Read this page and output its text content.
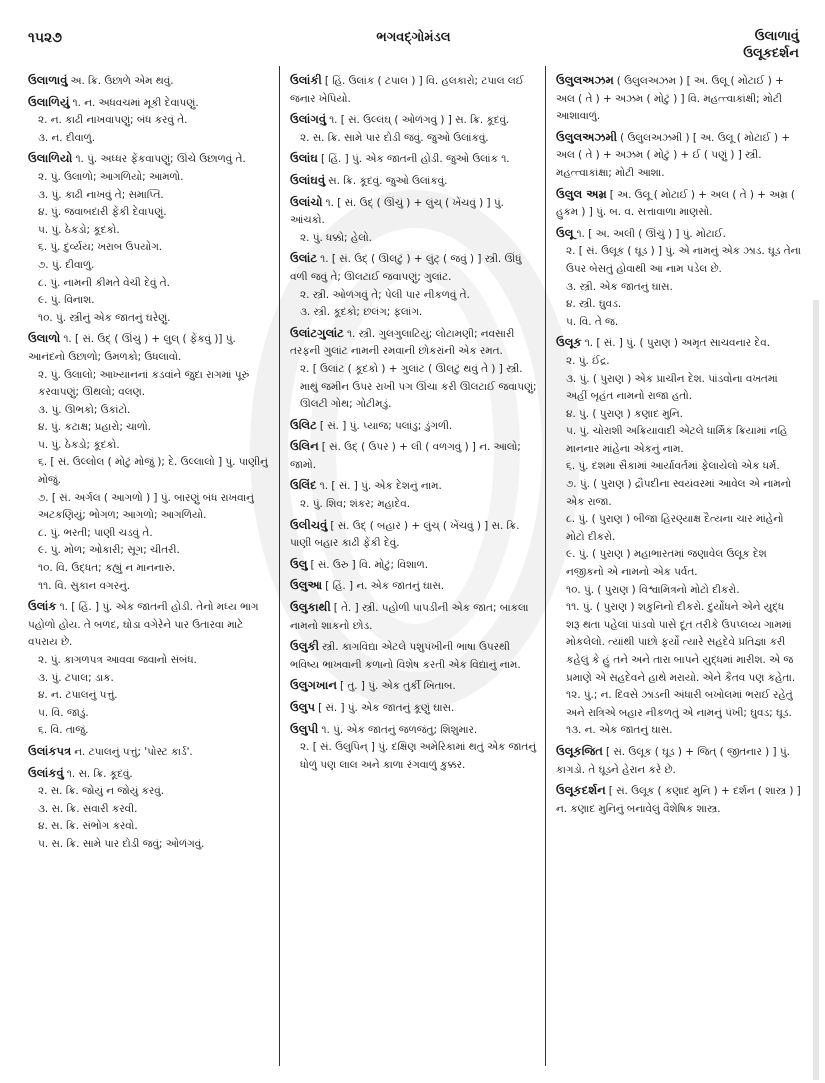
૧૫૨૭	ભગવદ્ગોમંડલ	ઉલાળાવું
ઉલૂકદર્શન
ઉલાળાવું અ. ક્રિ. ઉછાળે એમ થવું.
ઉલાળિયું ૧. ન. અધવચમાં મૂકી દેવાપણું.
૨. ન. કાઢી નાખવાપણું; બંધ કરવું તે.
૩. ન. દીવાળું.
ઉલાળિયો ૧. પું. અધ્ધર ફેંકવાપણું; ઊંચે ઉછાળવું તે.
૨. પું. ઉલાળો; આગળિયો; આમળો.
૩. પું. કાઢી નાખવું તે; સમાપ્તિ.
૪. પું. જવાબદારી ફેંકી દેવાપણું.
૫. પું. ઠેકડો; કૂદકો.
૬. પું. દુર્વ્યય; ખરાબ ઉપયોગ.
૭. પું. દીવાળું.
૮. પું. નામની કીમતે વેચી દેવું તે.
૯. પું. વિનાશ.
૧૦. પું. સ્ત્રીનું એક જાતનું ઘરેણું.
ઉલાળો ૧. [ સં. ઉદ્ ( ઊંચું ) + લુલ્ ( ફેંકવું )] પું. આનંદનો ઉછાળો; ઉમળકો; ઉધલાવો.
૨. પું. ઉલાલો; આખ્યાનનાં કડવાંને જુદા રાગમાં પૂરું કરવાપણું; ઊથલો; વલણ.
૩. પું. ઊભકો; ઉકાંટો.
૪. પું. કટાક્ષ; પ્રહારો; ચાળો.
૫. પું. ઠેકડો; કૂદકો.
૬. [ સં. ઉલ્લોલ ( મોટું મોજું ); દે. ઉલ્લાલો ] પું. પાણીનું મોજું.
૭. [ સં. અર્ગલ ( આગળો ) ] પું. બારણું બંધ રાખવાનું અટકણિયું; ભોગળ; આગળો; આગળિયો.
૮. પું. ભરતી; પાણી ચડવું તે.
૯. પું. મોળ; ઓકારી; સૂગ; ચીતરી.
૧૦. વિ. ઉદ્ધત; કહ્યું ન માનનારું.
૧૧. વિ. સુકાન વગરનું.
ઉલાંક ૧. [ હિં. ] પું. એક જાતની હોડી. તેનો મધ્ય ભાગ પહોળો હોય. તે બળદ, ઘોડા વગેરેને પાર ઉતારવા માટે વપરાય છે.
૨. પું. કાગળપત્ર આવવા જવાનો સંબંધ.
૩. પું. ટપાલ; ડાક.
૪. ન. ટપાલનું પત્તું.
૫. વિ. જાડું.
૬. વિ. તાજું.
ઉલાંકપત્ર ન. ટપાલનું પત્તું; 'પોસ્ટ કાર્ડ'.
ઉલાંકવું ૧. સ. ક્રિ. કૂદવું.
૨. સ. ક્રિ. જોયું ન જોયું કરવું.
૩. સ. ક્રિ. સવારી કરવી.
૪. સ. ક્રિ. સંભોગ કરવો.
૫. સ. ક્રિ. સામે પાર દોડી જવું; ઓળંગવું.
ઉલાંકી [ હિં. ઉલાંક ( ટપાલ ) ] વિ. હલકારો; ટપાલ લઈ જનાર ખેપિયો.
ઉલાંગવું ૧. [ સં. ઉલ્લંઘ્ ( ઓળંગવું ) ] સ. ક્રિ. કૂદવું.
૨. સ. ક્રિ. સામે પાર દોડી જવું. જુઓ ઉલાંકવું.
ઉલાંઘ [ હિં. ] પું. એક જાતની હોડી. જુઓ ઉલાંક ૧.
ઉલાંઘવું સ. ક્રિ. કૂદવું. જુઓ ઉલાંકવું.
ઉલાંચો ૧. [ સં. ઉદ્ ( ઊંચું ) + લુંચ્ ( ખેંચવું ) ] પું. આંચકો.
૨. પું. ધક્કો; હેલો.
ઉલાંટ ૧. [ સં. ઉદ્ ( ઊલટું ) + લુંટ્ ( જવું ) ] સ્ત્રી. ઊંધું વળી જવું તે; ઊલટાઈ જવાપણું; ગુલાંટ.
૨. સ્ત્રી. ઓળંગવું તે; પેલી પાર નીકળવું તે.
૩. સ્ત્રી. કૂદકો; છલંગ; ફલાંગ.
ઉલાંટગુલાંટ ૧. સ્ત્રી. ગુલગુલાટિયું; લોટામણી; નવસારી તરફની ગુલાંટ નામની રમવાની છોકરાંની એક રમત.
૨. [ ઉલાંટ ( કૂદકો ) + ગુલાંટ ( ઊલટું થવું તે ) ] સ્ત્રી. માથું જમીન ઉપર રાખી પગ ઊંચા કરી ઊલટાઈ જવાપણું; ઊલટી ગોથ; ગોટીમડું.
ઉલિટ [ સં. ] પું. પ્યાજ; પલાંડુ; ડુંગળી.
ઉલિન [ સં. ઉદ્ ( ઉપર ) + લી ( વળગવું ) ] ન. આલો; જામો.
ઉલિંદ ૧. [ સં. ] પું. એક દેશનું નામ.
૨. પું. શિવ; શંકર; મહાદેવ.
ઉલીચવું [ સં. ઉદ્ ( બહાર ) + લુંચ્ ( ખેંચવું ) ] સ. ક્રિ. પાણી બહાર કાઢી ફેંકી દેવું.
ઉલુ [ સં. ઉરુ ] વિ. મોટું; વિશાળ.
ઉલુઆ [ હિં. ] ન. એક જાતનું ઘાસ.
ઉલુકાથી [ તે. ] સ્ત્રી. પહોળી પાપડીની એક જાત; બાકલા નામનો શાકનો છોડ.
ઉલુકી સ્ત્રી. કાગવિદ્યા એટલે પશુપંખીની ભાષા ઉપરથી ભવિષ્ય ભાખવાની કળાનો વિશેષ કરતી એક વિદ્યાનું નામ.
ઉલુગખાન [ તુ. ] પું. એક તુર્કી ખિતાબ.
ઉલુપ [ સં. ] પું. એક જાતનું કૂણું ઘાસ.
ઉલુપી ૧. પું. એક જાતનું જળજંતુ; શિશુમાર.
૨. [ સં. ઉલુપિન્ ] પું. દક્ષિણ અમેરિકામાં થતું એક જાતનું ધોળું પણ લાલ અને કાળા રંગવાળું કુક્કર.
ઉલુલઅઝમ ( ઉલુલઅઝમ ) [ અ. ઉલૂ ( મોટાઈ ) + અલ ( તે ) + અઝમ ( મોટું ) ] વિ. મહત્ત્વાકાંક્ષી; મોટી આશાવાળું.
ઉલુલઅઝમી ( ઉલુલઅઝમી ) [ અ. ઉલૂ ( મોટાઈ ) + અલ ( તે ) + અઝમ ( મોટું ) + ઈ ( પણું ) ] સ્ત્રી. મહત્ત્વાકાંક્ષા; મોટી આશા.
ઉલુલ અમ્ર [ અ. ઉલૂ ( મોટાઈ ) + અલ ( તે ) + અમ્ર ( હુકમ ) ] પું. બ. વ. સત્તાવાળા માણસો.
ઉલૂ ૧. [ અ. અલી ( ઊંચું ) ] પું. મોટાઈ.
૨. [ સં. ઉલૂક ( ઘૂડ ) ] પું. એ નામનું એક ઝાડ. ઘૂડ તેના ઉપર બેસતું હોવાથી આ નામ પડેલ છે.
૩. સ્ત્રી. એક જાતનું ઘાસ.
૪. સ્ત્રી. ઘુવડ.
૫. વિ. તે જ.
ઉલૂક ૧. [ સં. ] પું. ( પુરાણ ) અમૃત સાચવનાર દેવ.
૨. પું. ઈંદ્ર.
૩. પું. ( પુરાણ ) એક પ્રાચીન દેશ. પાંડવોના વખતમાં અહીં બૃહંત નામનો રાજા હતો.
૪. પું. ( પુરાણ ) કણાદ મુનિ.
૫. પું. ચોરાશી અક્રિયાવાદી એટલે ધાર્મિક ક્રિયામાં નહિ માનનાર માંહેના એકનું નામ.
૬. પું. દશમા સૈકામાં આર્યાવર્તમાં ફેલાયેલો એક ધર્મ.
૭. પું. ( પુરાણ ) દ્રૌપદીના સ્વયંવરમાં આવેલ એ નામનો એક રાજા.
૮. પું. ( પુરાણ ) બીજા હિરણ્યાક્ષ દૈત્યના ચાર માંહેનો મોટો દીકરો.
૯. પું. ( પુરાણ ) મહાભારતમાં જણાવેલ ઉલૂક દેશ નજીકનો એ નામનો એક પર્વત.
૧૦. પું. ( પુરાણ ) વિશ્વામિત્રનો મોટો દીકરો.
૧૧. પું. ( પુરાણ ) શકુનિનો દીકરો. દુર્યોધને એને યુદ્ધ શરૂ થતા પહેલાં પાંડવો પાસે દૂત તરીકે ઉપપ્લવ્ય ગામમાં મોકલેલો. ત્યાંથી પાછો ફર્યો ત્યારે સહદેવે પ્રતિજ્ઞા કરી કહેલું કે હું તને અને તારા બાપને યુદ્ધમાં મારીશ. એ જ પ્રમાણે એ સહદેવને હાથે મરાયો. એને કૈતવ પણ કહેતા.
૧૨. પું.; ન. દિવસે ઝાડની અંધારી બખોલમાં ભરાઈ રહેતું અને રાત્રિએ બહાર નીકળતું એ નામનું પંખી; ઘુવડ; ઘૂડ.
૧૩. ન. એક જાતનું ઘાસ.
ઉલૂકજિત [ સં. ઉલૂક ( ઘૂડ ) + જિત્ ( જીતનાર ) ] પું. કાગડો. તે ઘૂડને હેરાન કરે છે.
ઉલૂકદર્શન [ સં. ઉલૂક ( કણાદ મુનિ ) + દર્શન ( શાસ્ત્ર ) ] ન. કણાદ મુનિનું બનાવેલું વૈશેષિક શાસ્ત્ર.
